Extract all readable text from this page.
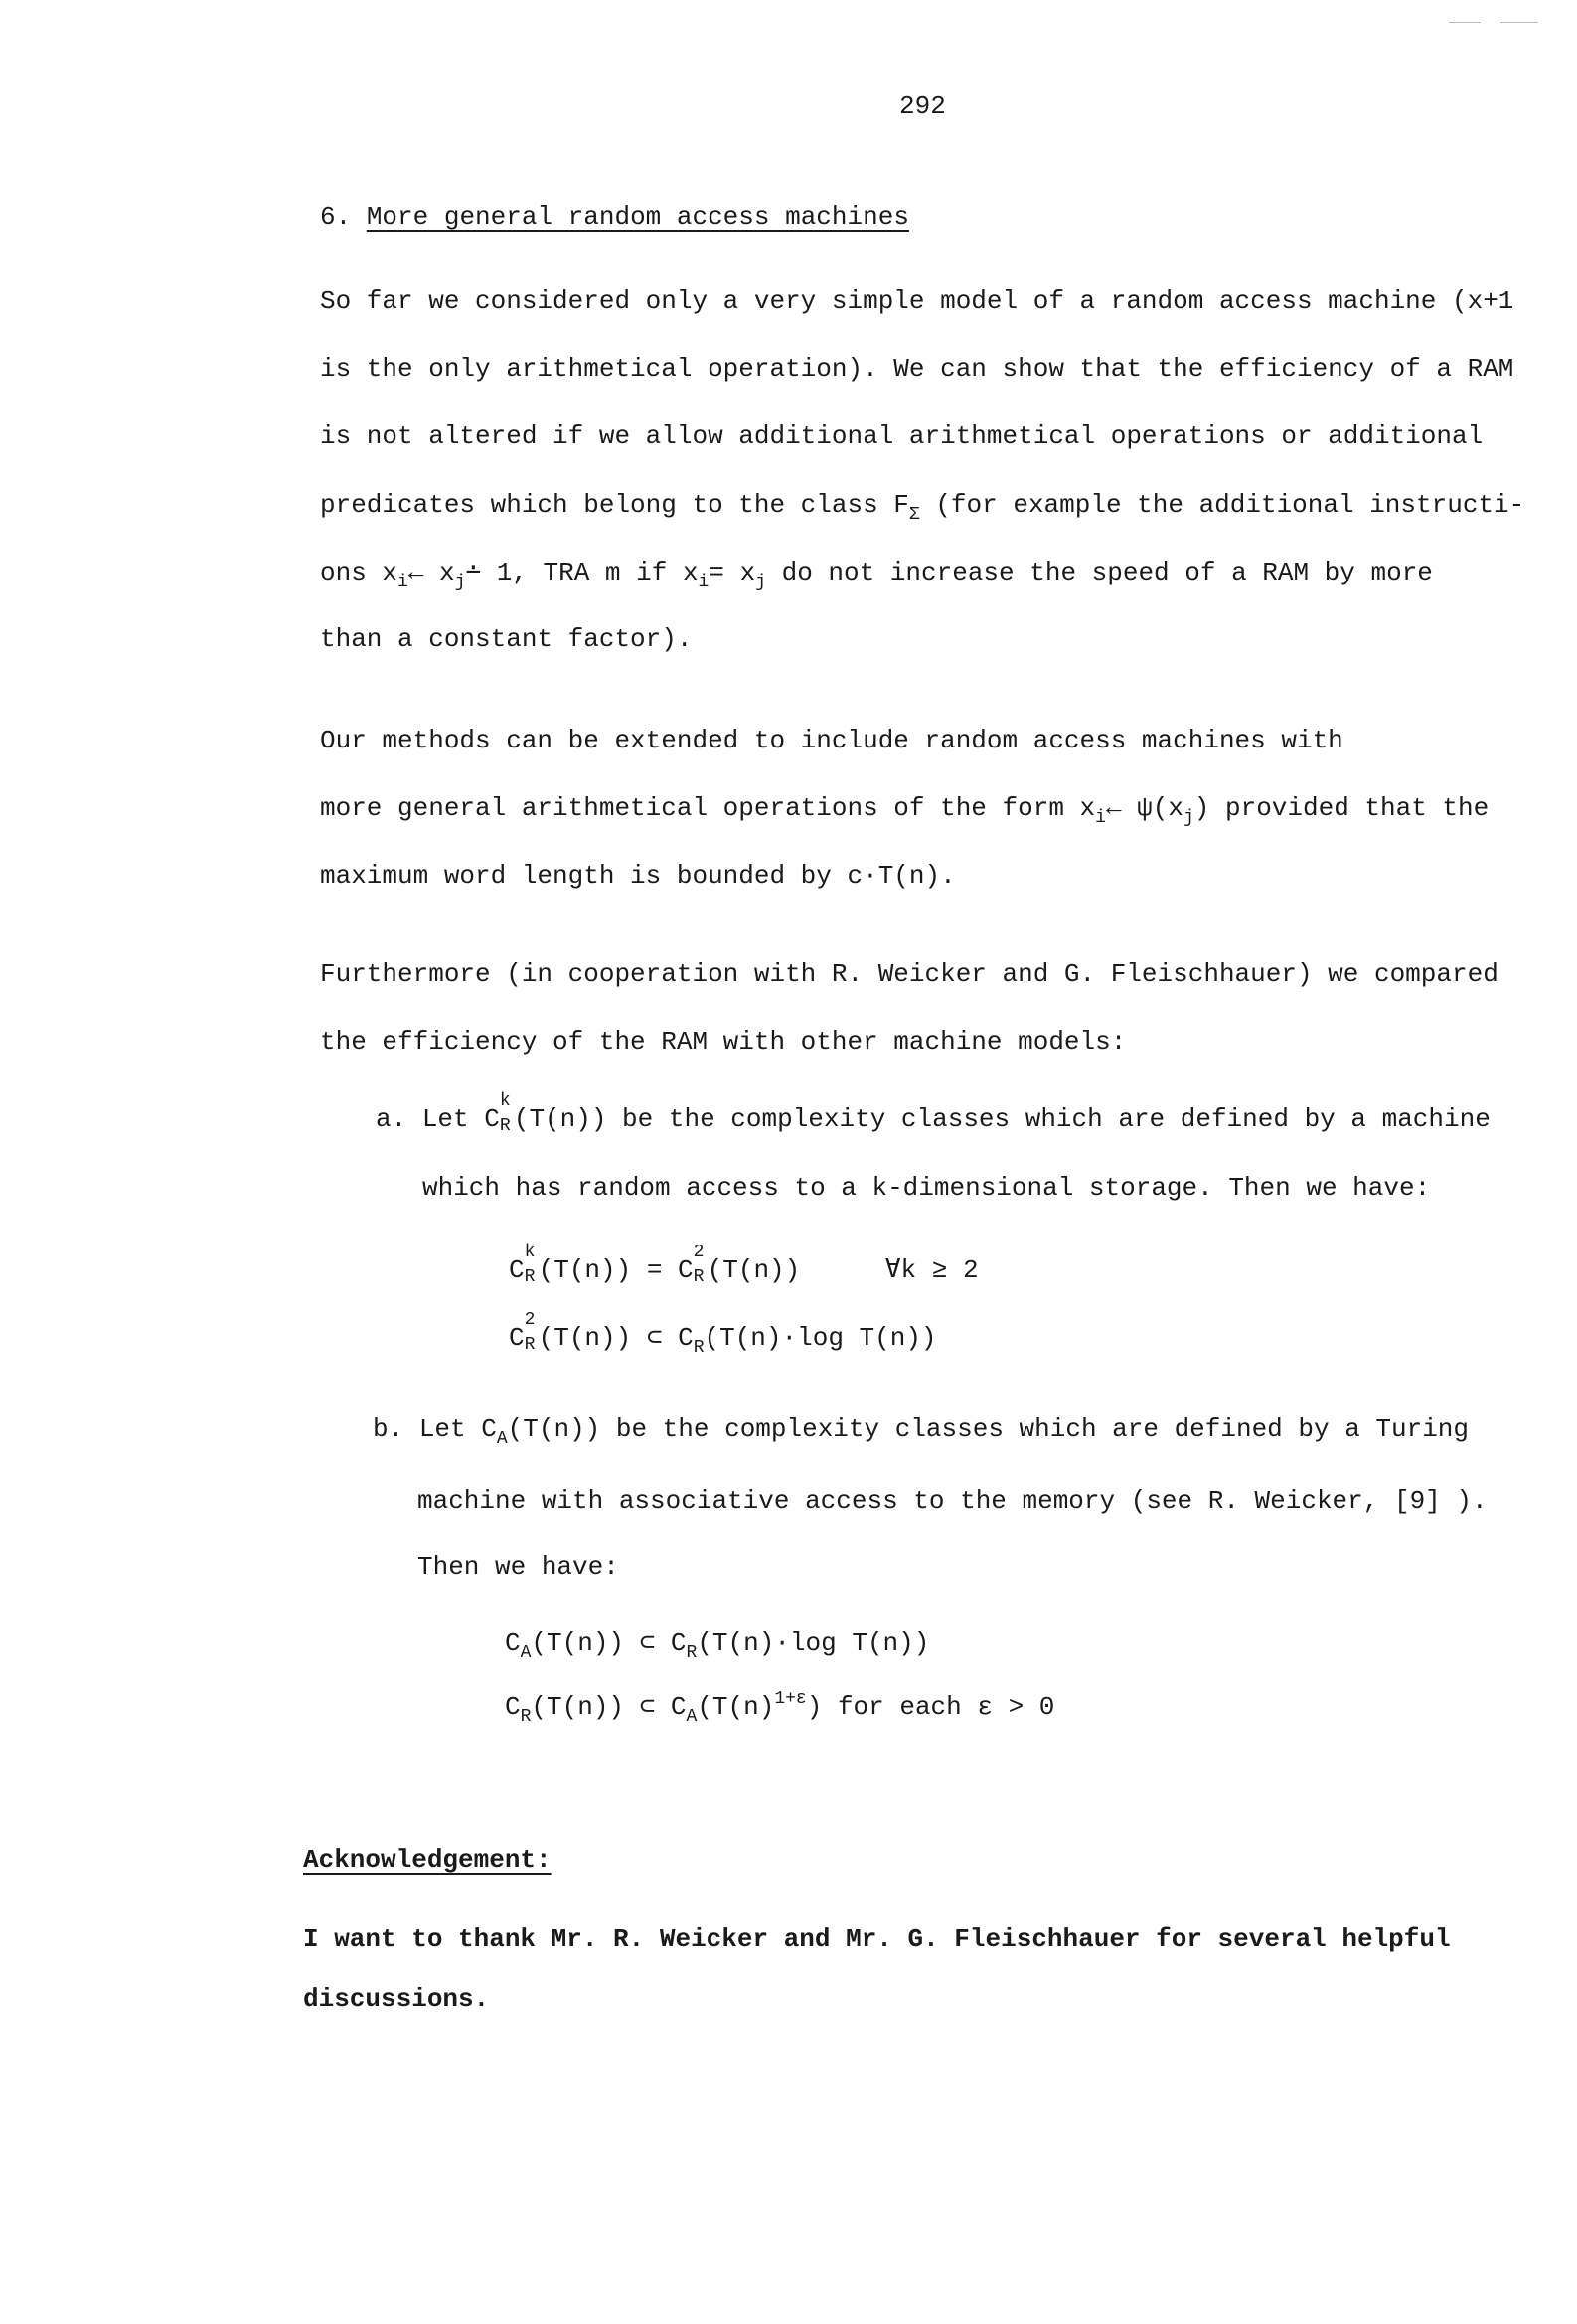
292
6. More general random access machines
So far we considered only a very simple model of a random access machine (x+1
is the only arithmetical operation). We can show that the efficiency of a RAM
is not altered if we allow additional arithmetical operations or additional
predicates which belong to the class $F_\Sigma$ (for example the additional instructi-
ons $x_i\leftarrow$ $x_j∸$ 1, TRA m if $x_i= x_j$ do not increase the speed of a RAM by more
than a constant factor).
Our methods can be extended to include random access machines with
more general arithmetical operations of the form $x_i\leftarrow$ $\psi(x_j)$ provided that the
maximum word length is bounded by c·T(n).
Furthermore (in cooperation with R. Weicker and G. Fleischhauer) we compared
the efficiency of the RAM with other machine models:
a. Let C
k
R (T(n)) be the complexity classes which are defined by a machine
which has random access to a k-dimensional storage. Then we have:
C
k
R (T(n)) = C
2
R (T(n))	∀k ≥ 2
C
2
R (T(n)) ⊂ $C_R(T(n)\cdot\log$ T(n))
b. Let $C_A(T(n))$ be the complexity classes which are defined by a Turing
machine with associative access to the memory (see R. Weicker, [9] ).
Then we have:
$C_A(T(n))$ ⊂ $C_R(T(n)\cdot\log$ T(n))
$C_R(T(n))$ ⊂ $C_A(T(n)^{1+\varepsilon})$ for each ε > 0
Acknowledgement:
I want to thank Mr. R. Weicker and Mr. G. Fleischhauer for several helpful
discussions.
